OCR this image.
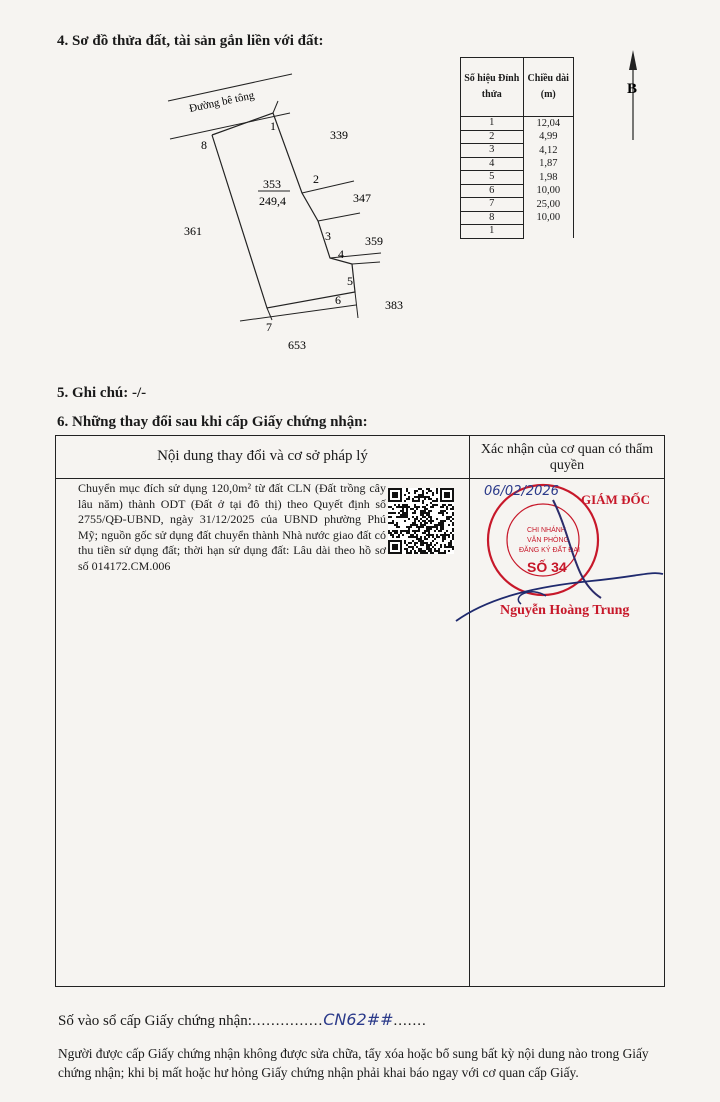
4. Sơ đồ thửa đất, tài sản gắn liền với đất:
Đường bê tông
353
249,4
1
2
3
4
5
6
7
8
339
347
359
383
361
653
B
Số hiệu Đỉnh thửa	Chiều dài (m)
1	12,04
2	4,99
3	4,12
4	1,87
5	1,98
6	10,00
7	25,00
8	10,00
1	
5. Ghi chú: -/-
6. Những thay đổi sau khi cấp Giấy chứng nhận:
Nội dung thay đổi và cơ sở pháp lý	Xác nhận của cơ quan có thẩm quyền
Chuyển mục đích sử dụng 120,0m² từ đất CLN (Đất trồng cây lâu năm) thành ODT (Đất ở tại đô thị) theo Quyết định số 2755/QĐ-UBND, ngày 31/12/2025 của UBND phường Phú Mỹ; nguồn gốc sử dụng đất chuyển thành Nhà nước giao đất có thu tiền sử dụng đất; thời hạn sử dụng đất: Lâu dài theo hồ sơ số 014172.CM.006
CHI NHÁNH
VĂN PHÒNG
ĐĂNG KÝ ĐẤT ĐAI
SỐ 34
06/02/2026
GIÁM ĐỐC
Nguyễn Hoàng Trung
Số vào sổ cấp Giấy chứng nhận:...............CN62##.......
Người được cấp Giấy chứng nhận không được sửa chữa, tẩy xóa hoặc bổ sung bất kỳ nội dung nào trong Giấy chứng nhận; khi bị mất hoặc hư hỏng Giấy chứng nhận phải khai báo ngay với cơ quan cấp Giấy.
